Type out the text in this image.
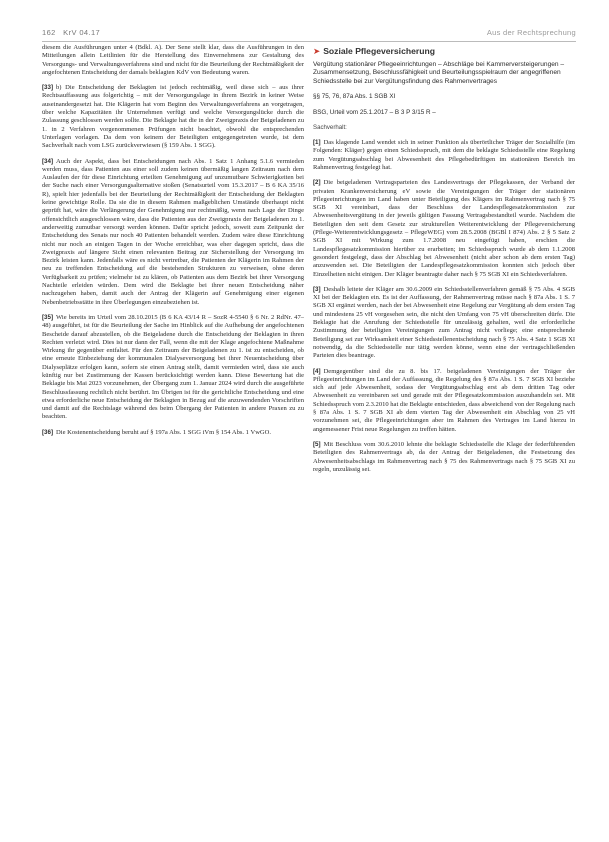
162 KrV 04.17	Aus der Rechtsprechung

diesem die Ausführungen unter 4 (Bdkl. A). Der Sene stellt klar, dass die Ausführungen in den Mitteilungen allein Leitlinien für die Herstellung des Einvernehmens zur Gestaltung des Versorgungs- und Verwaltungsverfahrens sind und nicht für die Beurteilung der Rechtmäßigkeit der angefochtenen Entscheidung der damals beklagten KdV von Bedeutung waren.

[33] b) Die Entscheidung der Beklagten ist jedoch rechtmäßig, weil diese sich – aus ihrer Rechtsauffassung aus folgerichtig – mit der Versorgungslage in ihrem Bezirk in keiner Weise auseinandergesetzt hat. Die Klägerin hat vom Beginn des Verwaltungsverfahrens an vorgetragen, über welche Kapazitäten ihr Unternehmen verfügt und welche Versorgungslücke durch die Zulassung geschlossen werden sollte. Die Beklagte hat die in der Zweigpraxis der Beigeladenen zu 1. in 2 Verfahren vorgenommenen Prüfungen nicht beachtet, obwohl die entsprechenden Unterlagen vorlagen. Da dem von keinem der Beteiligten entgegengetreten wurde, ist dem Sachverhalt nach vom LSG zurückverwiesen (§ 159 Abs. 1 SGG).

[34] Auch der Aspekt, dass bei Entscheidungen nach Abs. 1 Satz 1 Anhang 5.1.6 vermieden werden muss, dass Patienten aus einer soll zudem keinen übermäßig langen Zeitraum nach dem Auslaufen der für diese Einrichtung erteilten Genehmigung auf unzumutbare Schwierigkeiten bei der Suche nach einer Versorgungsalternative stoßen (Senatsurteil vom 15.3.2017 – B 6 KA 35/16 R), spielt hier jedenfalls bei der Beurteilung der Rechtmäßigkeit der Entscheidung der Beklagten keine gewichtige Rolle. Da sie die in diesem Rahmen maßgeblichen Umstände überhaupt nicht geprüft hat, wäre die Verlängerung der Genehmigung nur rechtmäßig, wenn nach Lage der Dinge offensichtlich ausgeschlossen wäre, dass die Patienten aus der Zweigpraxis der Beigeladenen zu 1. anderweitig zumutbar versorgt werden können. Dafür spricht jedoch, soweit zum Zeitpunkt der Entscheidung des Senats nur noch 40 Patienten behandelt werden. Zudem wäre diese Einrichtung nicht nur noch an einigen Tagen in der Woche erreichbar, was eher dagegen spricht, dass die Zweigpraxis auf längere Sicht einen relevanten Beitrag zur Sicherstellung der Versorgung im Bezirk leisten kann. Jedenfalls wäre es nicht vertretbar, die Patienten der Klägerin im Rahmen der neu zu treffenden Entscheidung auf die bestehenden Strukturen zu verweisen, ohne deren Verfügbarkeit zu prüfen; vielmehr ist zu klären, ob Patienten aus dem Bezirk bei ihrer Versorgung Nachteile erleiden würden. Dem wird die Beklagte bei ihrer neuen Entscheidung näher nachzugehen haben, damit auch der Antrag der Klägerin auf Genehmigung einer eigenen Nebenbetriebsstätte in ihre Überlegungen einzubeziehen ist.

[35] Wie bereits im Urteil vom 28.10.2015 (B 6 KA 43/14 R – SozR 4-5540 § 6 Nr. 2 RdNr. 47–48) ausgeführt, ist für die Beurteilung der Sache im Hinblick auf die Aufhebung der angefochtenen Bescheide darauf abzustellen, ob die Beigeladene durch die Entscheidung der Beklagten in ihren Rechten verletzt wird. Dies ist nur dann der Fall, wenn die mit der Klage angefochtene Maßnahme Wirkung ihr gegenüber entfaltet. Für den Zeitraum der Beigeladenen zu 1. ist zu entscheiden, ob eine erneute Einbeziehung der kommunalen Dialyseversorgung bei ihrer Neuentscheidung über Dialyseplätze erfolgen kann, sofern sie einen Antrag stellt, damit vermieden wird, dass sie auch künftig nur bei Zustimmung der Kassen berücksichtigt werden kann. Diese Bewertung hat die Beklagte bis Mai 2023 vorzunehmen, der Übergang zum 1. Januar 2024 wird durch die ausgeführte Beschlussfassung rechtlich nicht berührt. Im Übrigen ist für die gerichtliche Entscheidung und eine etwa erforderliche neue Entscheidung der Beklagten in Bezug auf die anzuwendenden Vorschriften und damit auf die Rechtslage während des beim Übergang der Patienten in andere Praxen zu zu beachten.

[36] Die Kostenentscheidung beruht auf § 197a Abs. 1 SGG iVm § 154 Abs. 1 VwGO.

➤ Soziale Pflegeversicherung

Vergütung stationärer Pflegeeinrichtungen – Abschläge bei Kammerversteigerungen – Zusammensetzung, Beschlussfähigkeit und Beurteilungsspielraum der angegriffenen Schiedsstelle bei zur Vergütungsfindung des Rahmenvertrages

§§ 75, 76, 87a Abs. 1 SGB XI

BSG, Urteil vom 25.1.2017 – B 3 P 3/15 R –

Sachverhalt:

[1] Das klagende Land wendet sich in seiner Funktion als überörtlicher Träger der Sozialhilfe (im Folgenden: Kläger) gegen einen Schiedsspruch, mit dem die beklagte Schiedsstelle eine Regelung zum Vergütungsabschlag bei Abwesenheit des Pflegebedürftigen im stationären Bereich im Rahmenvertrag festgelegt hat.

[2] Die beigeladenen Vertragsparteien des Landesvertrags der Pflegekassen, der Verband der privaten Krankenversicherung eV sowie die Vereinigungen der Träger der stationären Pflegeeinrichtungen im Land haben unter Beteiligung des Klägers im Rahmenvertrag nach § 75 SGB XI vereinbart, dass der Beschluss der Landespflegesatzkommission zur Abwesenheitsvergütung in der jeweils gültigen Fassung Vertragsbestandteil wurde. Nachdem die Beteiligten den seit dem Gesetz zur strukturellen Weiterentwicklung der Pflegeversicherung (Pflege-Weiterentwicklungsgesetz – PflegeWEG) vom 28.5.2008 (BGBl I 874) Abs. 2 § 5 Satz 2 SGB XI mit Wirkung zum 1.7.2008 neu eingefügt haben, erschien die Landespflegesatzkommission hierüber zu erarbeiten; im Schiedsspruch wurde ab dem 1.1.2008 gesondert festgelegt, dass der Abschlag bei Abwesenheit (nicht aber schon ab dem ersten Tag) anzuwenden sei. Die Beteiligten der Landespflegesatzkommission konnten sich jedoch über Einzelheiten nicht einigen. Der Kläger beantragte daher nach § 75 SGB XI ein Schiedsverfahren.

[3] Deshalb leitete der Kläger am 30.6.2009 ein Schiedsstellenverfahren gemäß § 75 Abs. 4 SGB XI bei der Beklagten ein. Es ist der Auffassung, der Rahmenvertrag müsse nach § 87a Abs. 1 S. 7 SGB XI ergänzt werden, nach der bei Abwesenheit eine Regelung zur Vergütung ab dem ersten Tag und mindestens 25 vH vorgesehen sein, die nicht den Umfang von 75 vH überschreiten dürfe. Die Beklagte hat die Anrufung der Schiedsstelle für unzulässig gehalten, weil die erforderliche Zustimmung der beteiligten Vereinigungen zum Antrag nicht vorliege; eine entsprechende Beteiligung sei zur Wirksamkeit einer Schiedsstellenentscheidung nach § 75 Abs. 4 Satz 1 SGB XI notwendig, da die Schiedsstelle nur tätig werden könne, wenn eine der vertragschließenden Parteien dies beantrage.

[4] Demgegenüber sind die zu 8. bis 17. beigeladenen Vereinigungen der Träger der Pflegeeinrichtungen im Land der Auffassung, die Regelung des § 87a Abs. 1 S. 7 SGB XI beziehe sich auf jede Abwesenheit, sodass der Vergütungsabschlag erst ab dem dritten Tag oder Abwesenheit zu vereinbaren sei und gerade mit der Pflegesatzkommission auszuhandeln sei. Mit Schiedsspruch vom 2.3.2010 hat die Beklagte entschieden, dass abweichend von der Regelung nach § 87a Abs. 1 S. 7 SGB XI ab dem vierten Tag der Abwesenheit ein Abschlag von 25 vH vorzunehmen sei, die Pflegeeinrichtungen aber im Rahmen des Vertrages im Land hierzu in angemessener Frist neue Regelungen zu treffen hätten.

[5] Mit Beschluss vom 30.6.2010 lehnte die beklagte Schiedsstelle die Klage der federführenden Beteiligten des Rahmenvertrags ab, da der Antrag der Beigeladenen, die Festsetzung des Abwesenheitsabschlags im Rahmenvertrag nach § 75 des Rahmenvertrags nach § 75 SGB XI zu regeln, unzulässig sei.
